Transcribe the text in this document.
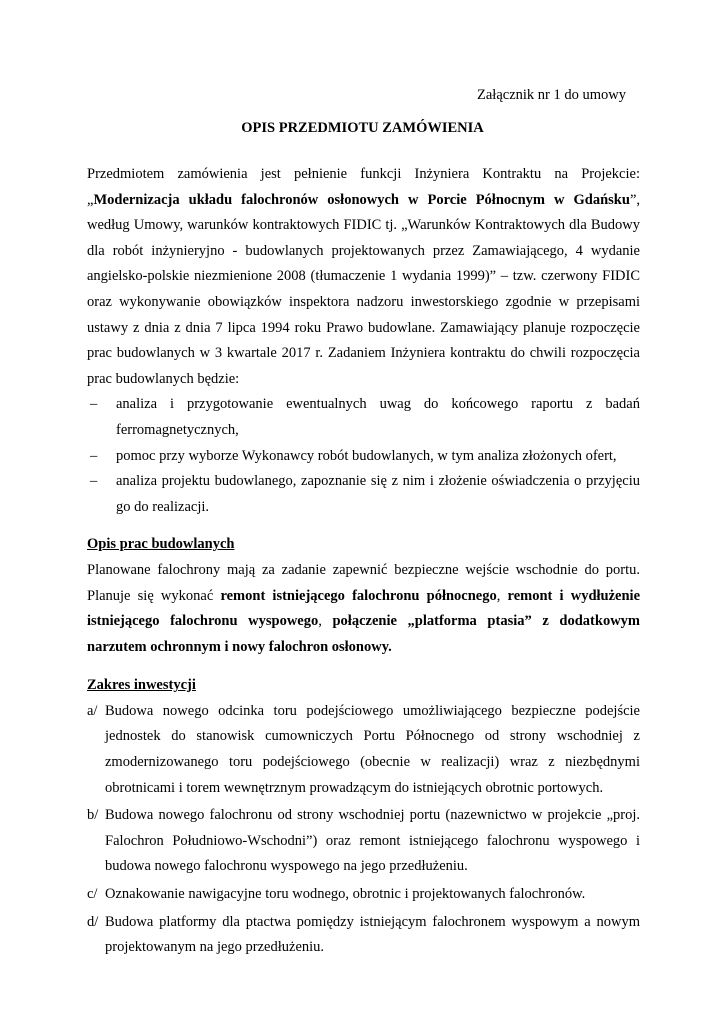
Załącznik nr 1 do umowy
OPIS PRZEDMIOTU ZAMÓWIENIA

Przedmiotem zamówienia jest pełnienie funkcji Inżyniera Kontraktu na Projekcie: „Modernizacja układu falochronów osłonowych w Porcie Północnym w Gdańsku”, według Umowy, warunków kontraktowych FIDIC tj. „Warunków Kontraktowych dla Budowy dla robót inżynieryjno - budowlanych projektowanych przez Zamawiającego, 4 wydanie angielsko-polskie niezmienione 2008 (tłumaczenie 1 wydania 1999)” – tzw. czerwony FIDIC oraz wykonywanie obowiązków inspektora nadzoru inwestorskiego zgodnie w przepisami ustawy z dnia z dnia 7 lipca 1994 roku Prawo budowlane. Zamawiający planuje rozpoczęcie prac budowlanych w 3 kwartale 2017 r. Zadaniem Inżyniera kontraktu do chwili rozpoczęcia prac budowlanych będzie:

– analiza i przygotowanie ewentualnych uwag do końcowego raportu z badań ferromagnetycznych,
– pomoc przy wyborze Wykonawcy robót budowlanych, w tym analiza złożonych ofert,
– analiza projektu budowlanego, zapoznanie się z nim i złożenie oświadczenia o przyjęciu go do realizacji.
Opis prac budowlanych

Planowane falochrony mają za zadanie zapewnić bezpieczne wejście wschodnie do portu. Planuje się wykonać remont istniejącego falochronu północnego, remont i wydłużenie istniejącego falochronu wyspowego, połączenie „platforma ptasia” z dodatkowym narzutem ochronnym i nowy falochron osłonowy.

Zakres inwestycji
a/ Budowa nowego odcinka toru podejściowego umożliwiającego bezpieczne podejście jednostek do stanowisk cumowniczych Portu Północnego od strony wschodniej z zmodernizowanego toru podejściowego (obecnie w realizacji) wraz z niezbędnymi obrotnicami i torem wewnętrznym prowadzącym do istniejących obrotnic portowych.
b/ Budowa nowego falochronu od strony wschodniej portu (nazewnictwo w projekcie „proj. Falochron Południowo-Wschodni”) oraz remont istniejącego falochronu wyspowego i budowa nowego falochronu wyspowego na jego przedłużeniu.
c/ Oznakowanie nawigacyjne toru wodnego, obrotnic i projektowanych falochronów.
d/ Budowa platformy dla ptactwa pomiędzy istniejącym falochronem wyspowym a nowym projektowanym na jego przedłużeniu.
